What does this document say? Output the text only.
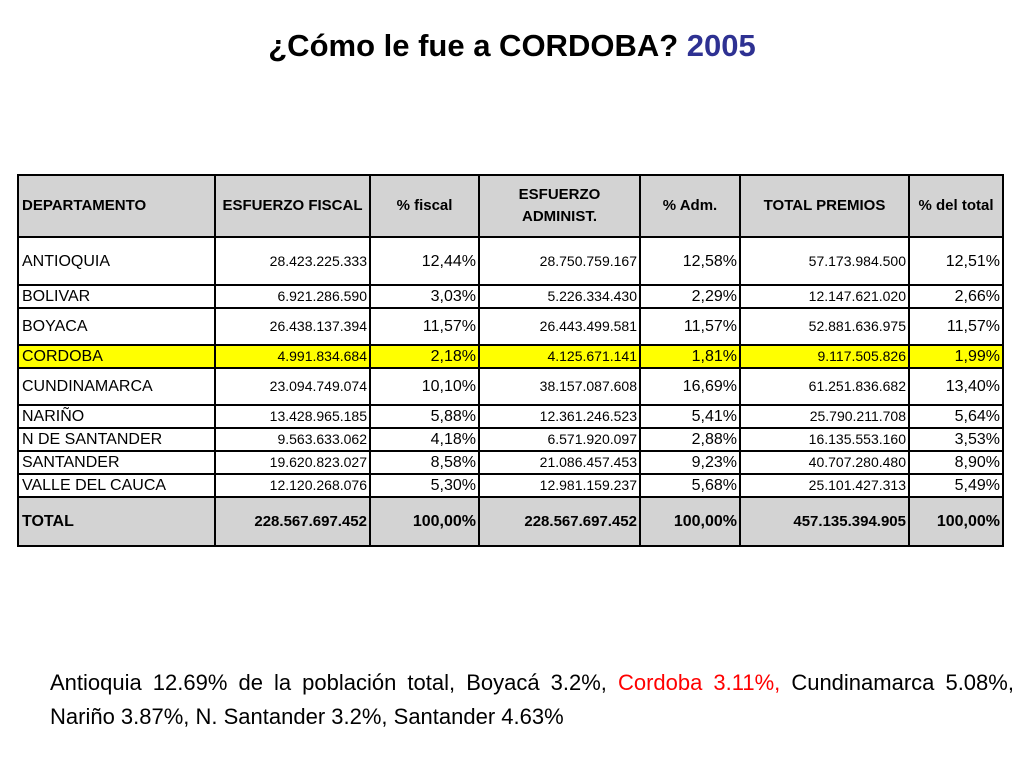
¿Cómo le fue a CORDOBA? 2005
DEPARTAMENTO	ESFUERZO FISCAL	% fiscal	ESFUERZO ADMINIST.	% Adm.	TOTAL PREMIOS	% del total
ANTIOQUIA	28.423.225.333	12,44%	28.750.759.167	12,58%	57.173.984.500	12,51%
BOLIVAR	6.921.286.590	3,03%	5.226.334.430	2,29%	12.147.621.020	2,66%
BOYACA	26.438.137.394	11,57%	26.443.499.581	11,57%	52.881.636.975	11,57%
CORDOBA	4.991.834.684	2,18%	4.125.671.141	1,81%	9.117.505.826	1,99%
CUNDINAMARCA	23.094.749.074	10,10%	38.157.087.608	16,69%	61.251.836.682	13,40%
NARIÑO	13.428.965.185	5,88%	12.361.246.523	5,41%	25.790.211.708	5,64%
N DE SANTANDER	9.563.633.062	4,18%	6.571.920.097	2,88%	16.135.553.160	3,53%
SANTANDER	19.620.823.027	8,58%	21.086.457.453	9,23%	40.707.280.480	8,90%
VALLE DEL CAUCA	12.120.268.076	5,30%	12.981.159.237	5,68%	25.101.427.313	5,49%
TOTAL	228.567.697.452	100,00%	228.567.697.452	100,00%	457.135.394.905	100,00%

Antioquia 12.69% de la población total, Boyacá 3.2%, Cordoba 3.11%, Cundinamarca 5.08%, Nariño 3.87%, N. Santander 3.2%, Santander 4.63%
